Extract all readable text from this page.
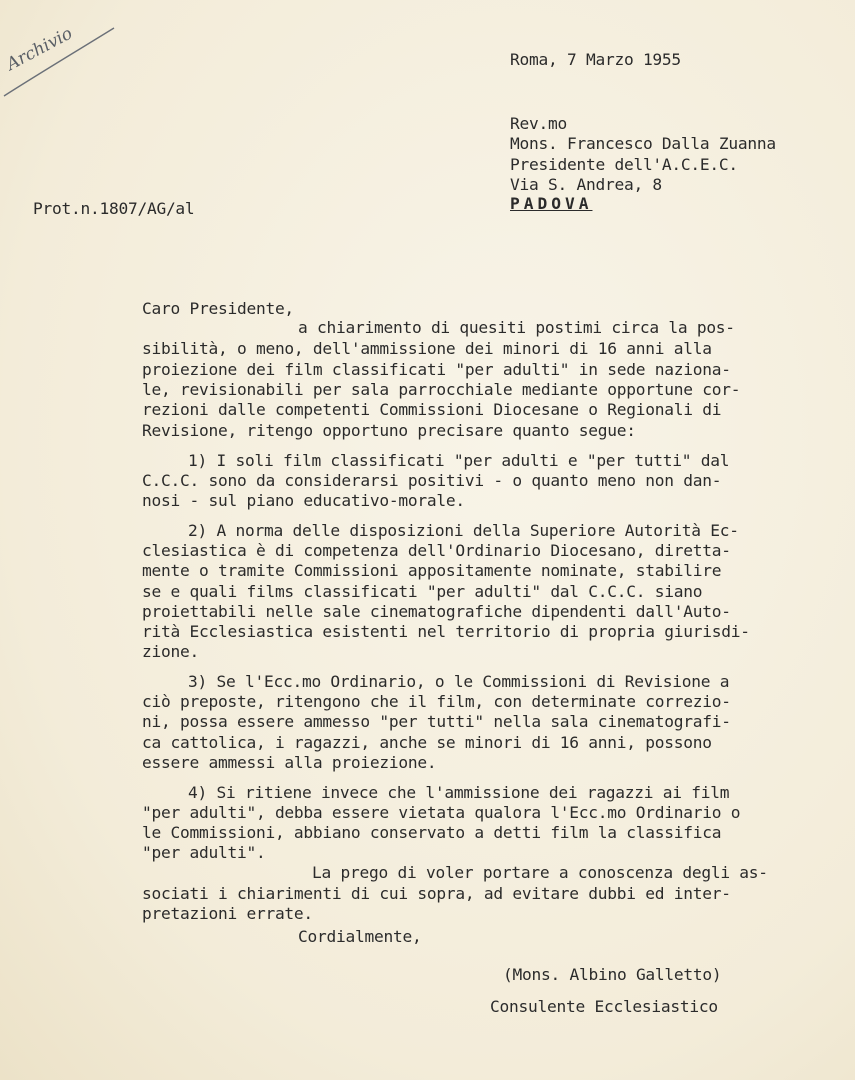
Archivio	Roma, 7 Marzo 1955
Rev.mo
Mons. Francesco Dalla Zuanna
Presidente dell'A.C.E.C.
Via S. Andrea, 8
PADOVA
Prot.n.1807/AG/al
Caro Presidente,
a chiarimento di quesiti postimi circa la pos-
sibilità, o meno, dell'ammissione dei minori di 16 anni alla
proiezione dei film classificati "per adulti" in sede naziona-
le, revisionabili per sala parrocchiale mediante opportune cor-
rezioni dalle competenti Commissioni Diocesane o Regionali di
Revisione, ritengo opportuno precisare quanto segue:
1) I soli film classificati "per adulti e "per tutti" dal
C.C.C. sono da considerarsi positivi - o quanto meno non dan-
nosi - sul piano educativo-morale.
2) A norma delle disposizioni della Superiore Autorità Ec-
clesiastica è di competenza dell'Ordinario Diocesano, diretta-
mente o tramite Commissioni appositamente nominate, stabilire
se e quali films classificati "per adulti" dal C.C.C. siano
proiettabili nelle sale cinematografiche dipendenti dall'Auto-
rità Ecclesiastica esistenti nel territorio di propria giurisdi-
zione.
3) Se l'Ecc.mo Ordinario, o le Commissioni di Revisione a
ciò preposte, ritengono che il film, con determinate correzio-
ni, possa essere ammesso "per tutti" nella sala cinematografi-
ca cattolica, i ragazzi, anche se minori di 16 anni, possono
essere ammessi alla proiezione.
4) Si ritiene invece che l'ammissione dei ragazzi ai film
"per adulti", debba essere vietata qualora l'Ecc.mo Ordinario o
le Commissioni, abbiano conservato a detti film la classifica
"per adulti".
La prego di voler portare a conoscenza degli as-
sociati i chiarimenti di cui sopra, ad evitare dubbi ed inter-
pretazioni errate.
Cordialmente,
(Mons. Albino Galletto)
Consulente Ecclesiastico
